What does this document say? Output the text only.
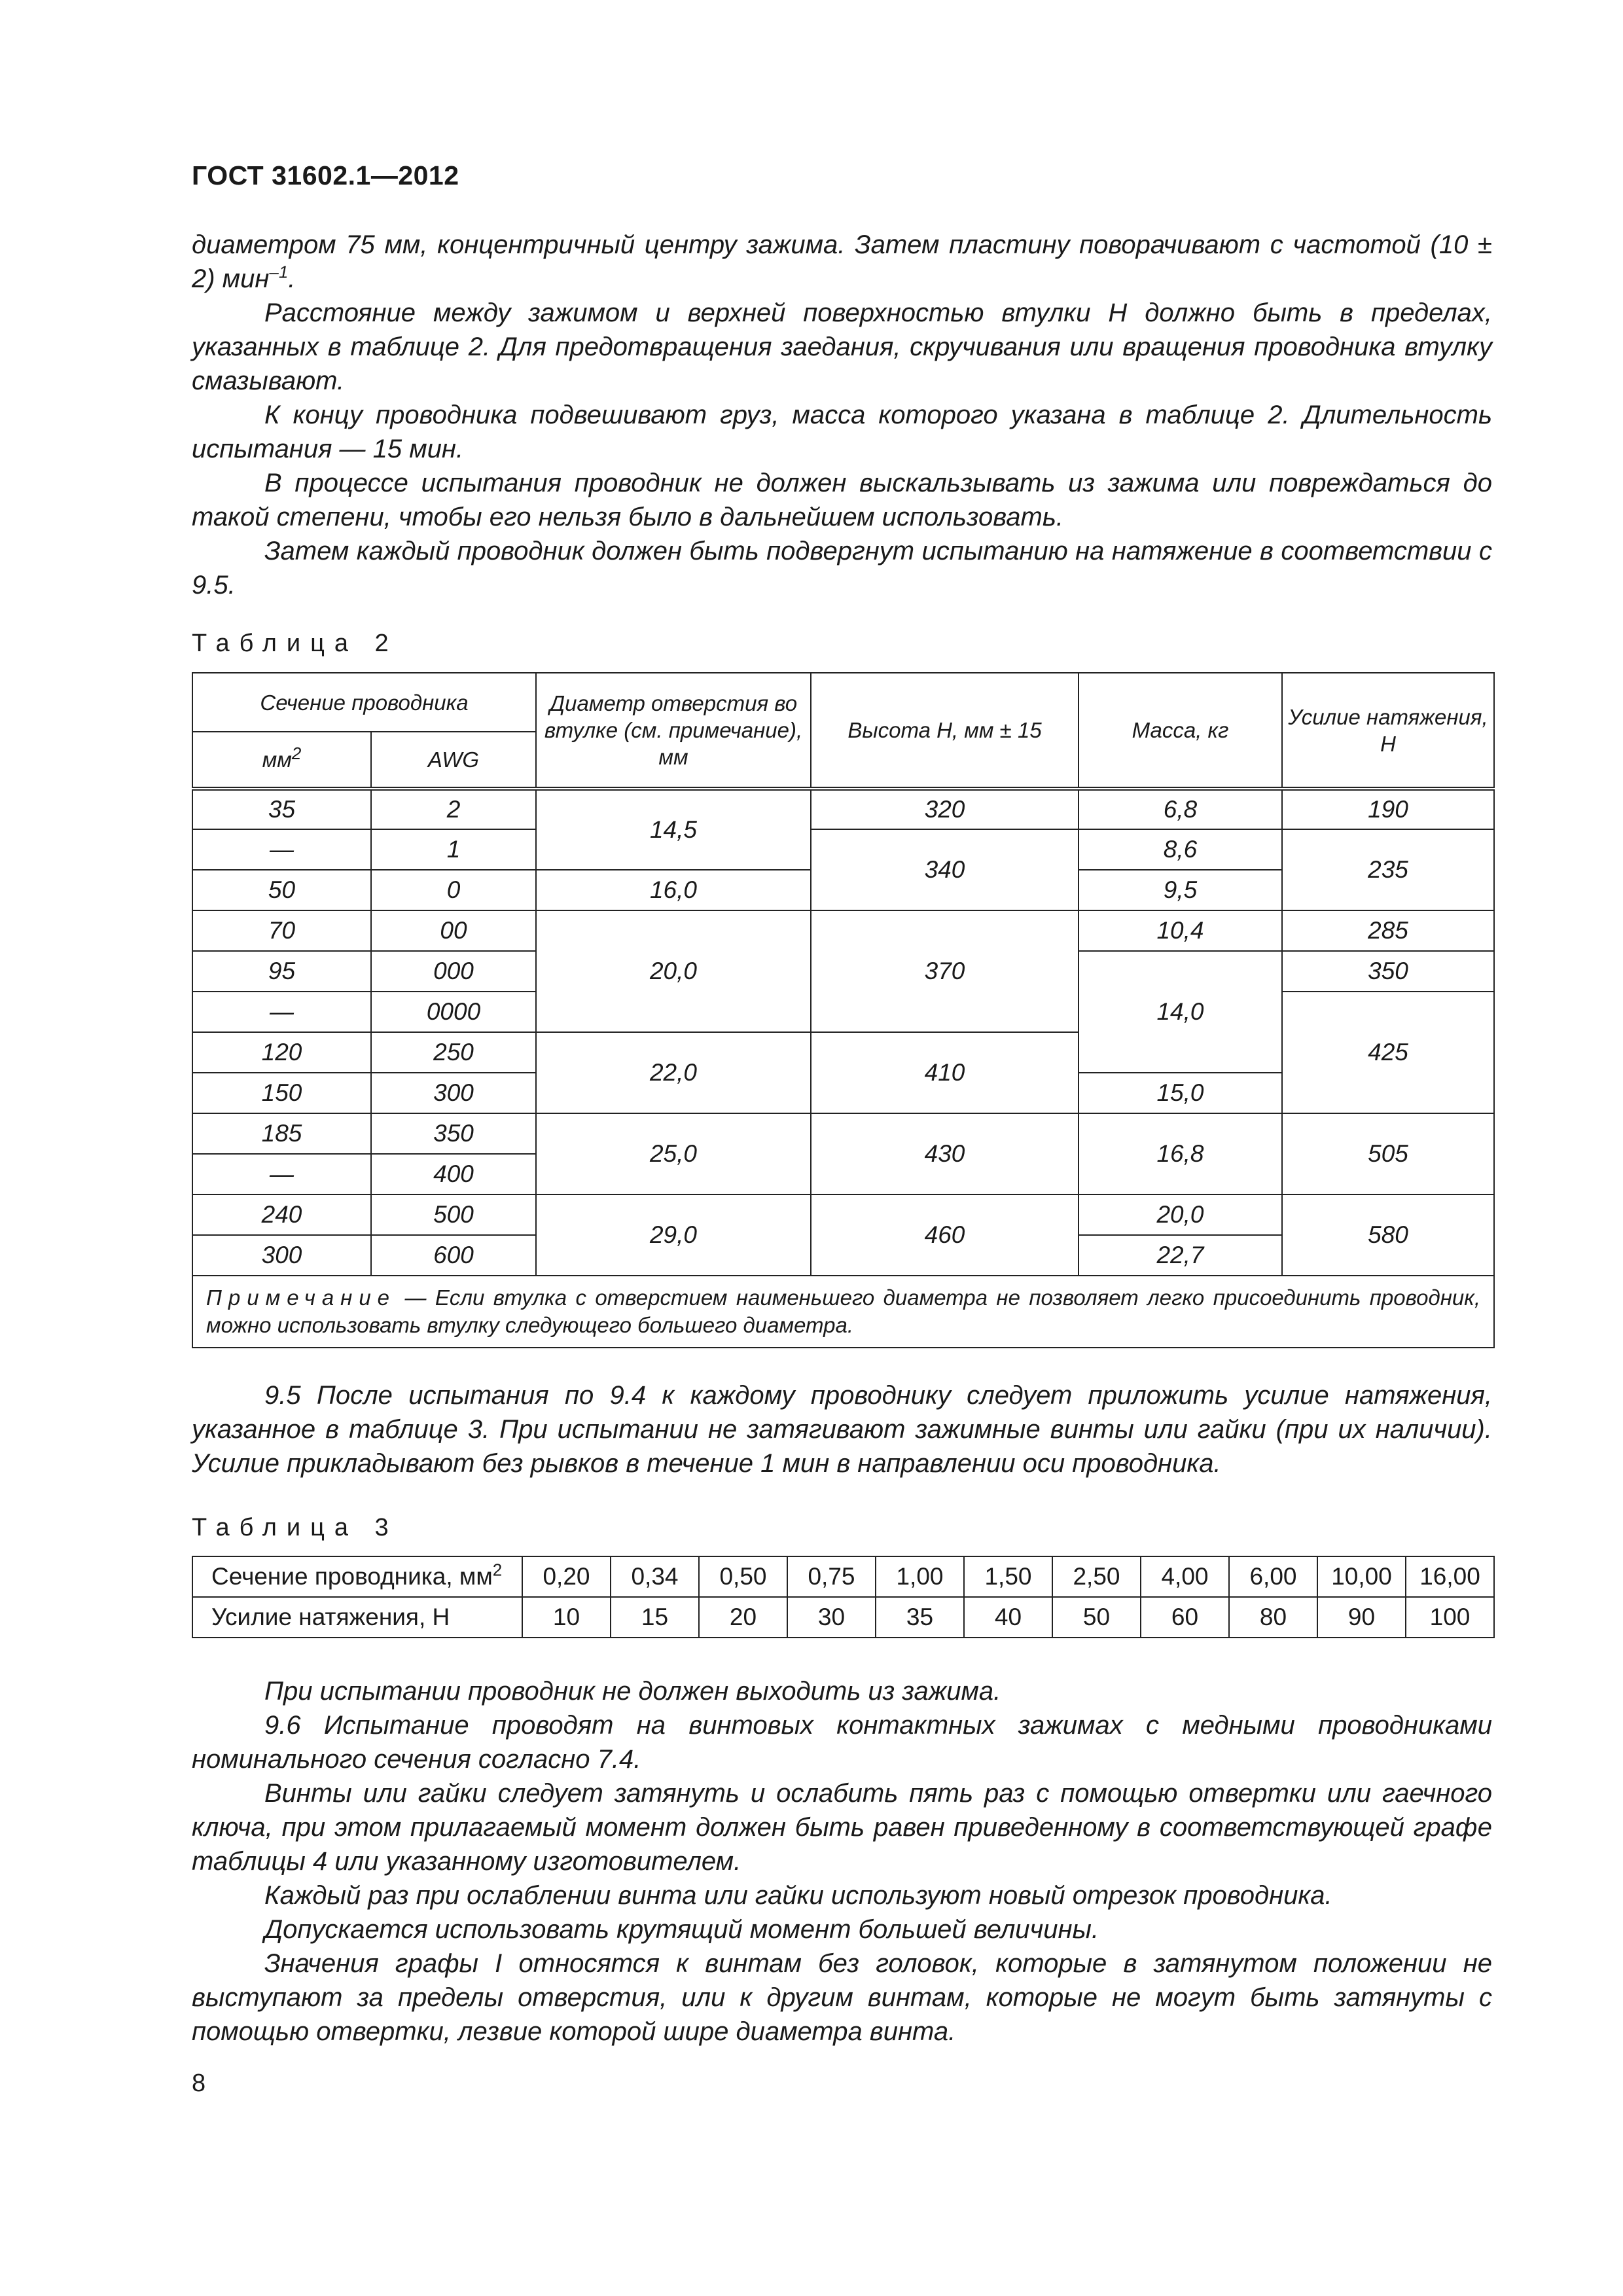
ГОСТ 31602.1—2012

диаметром 75 мм, концентричный центру зажима. Затем пластину поворачивают с частотой (10 ± 2) мин$^{-1}$.

Расстояние между зажимом и верхней поверхностью втулки H должно быть в пределах, указанных в таблице 2. Для предотвращения заедания, скручивания или вращения проводника втулку смазывают.

К концу проводника подвешивают груз, масса которого указана в таблице 2. Длительность испытания — 15 мин.

В процессе испытания проводник не должен выскальзывать из зажима или повреждаться до такой степени, чтобы его нельзя было в дальнейшем использовать.

Затем каждый проводник должен быть подвергнут испытанию на натяжение в соответствии с 9.5.

Таблица 2
Сечение проводника		Диаметр отверстия во втулке (см. примечание), мм	Высота H, мм ± 15	Масса, кг	Усилие натяжения, Н
$мм^2$	AWG				
35	2	14,5	320	6,8	190
—	1		340	8,6	235
50	0	16,0		9,5	
70	00	20,0	370	10,4	285
95	000			14,0	350
—	0000				425
120	250	22,0	410		
150	300			15,0	
185	350	25,0	430	16,8	505
—	400				
240	500	29,0	460	20,0	580
300	600			22,7	
Примечание — Если втулка с отверстием наименьшего диаметра не позволяет легко присоединить проводник, можно использовать втулку следующего большего диаметра.					

9.5 После испытания по 9.4 к каждому проводнику следует приложить усилие натяжения, указанное в таблице 3. При испытании не затягивают зажимные винты или гайки (при их наличии). Усилие прикладывают без рывков в течение 1 мин в направлении оси проводника.

Таблица 3
Сечение проводника, $мм^2$	0,20	0,34	0,50	0,75	1,00	1,50	2,50	4,00	6,00	10,00	16,00
Усилие натяжения, Н	10	15	20	30	35	40	50	60	80	90	100

При испытании проводник не должен выходить из зажима.

9.6 Испытание проводят на винтовых контактных зажимах с медными проводниками номинального сечения согласно 7.4.

Винты или гайки следует затянуть и ослабить пять раз с помощью отвертки или гаечного ключа, при этом прилагаемый момент должен быть равен приведенному в соответствующей графе таблицы 4 или указанному изготовителем.

Каждый раз при ослаблении винта или гайки используют новый отрезок проводника.

Допускается использовать крутящий момент большей величины.

Значения графы I относятся к винтам без головок, которые в затянутом положении не выступают за пределы отверстия, или к другим винтам, которые не могут быть затянуты с помощью отвертки, лезвие которой шире диаметра винта.

8
